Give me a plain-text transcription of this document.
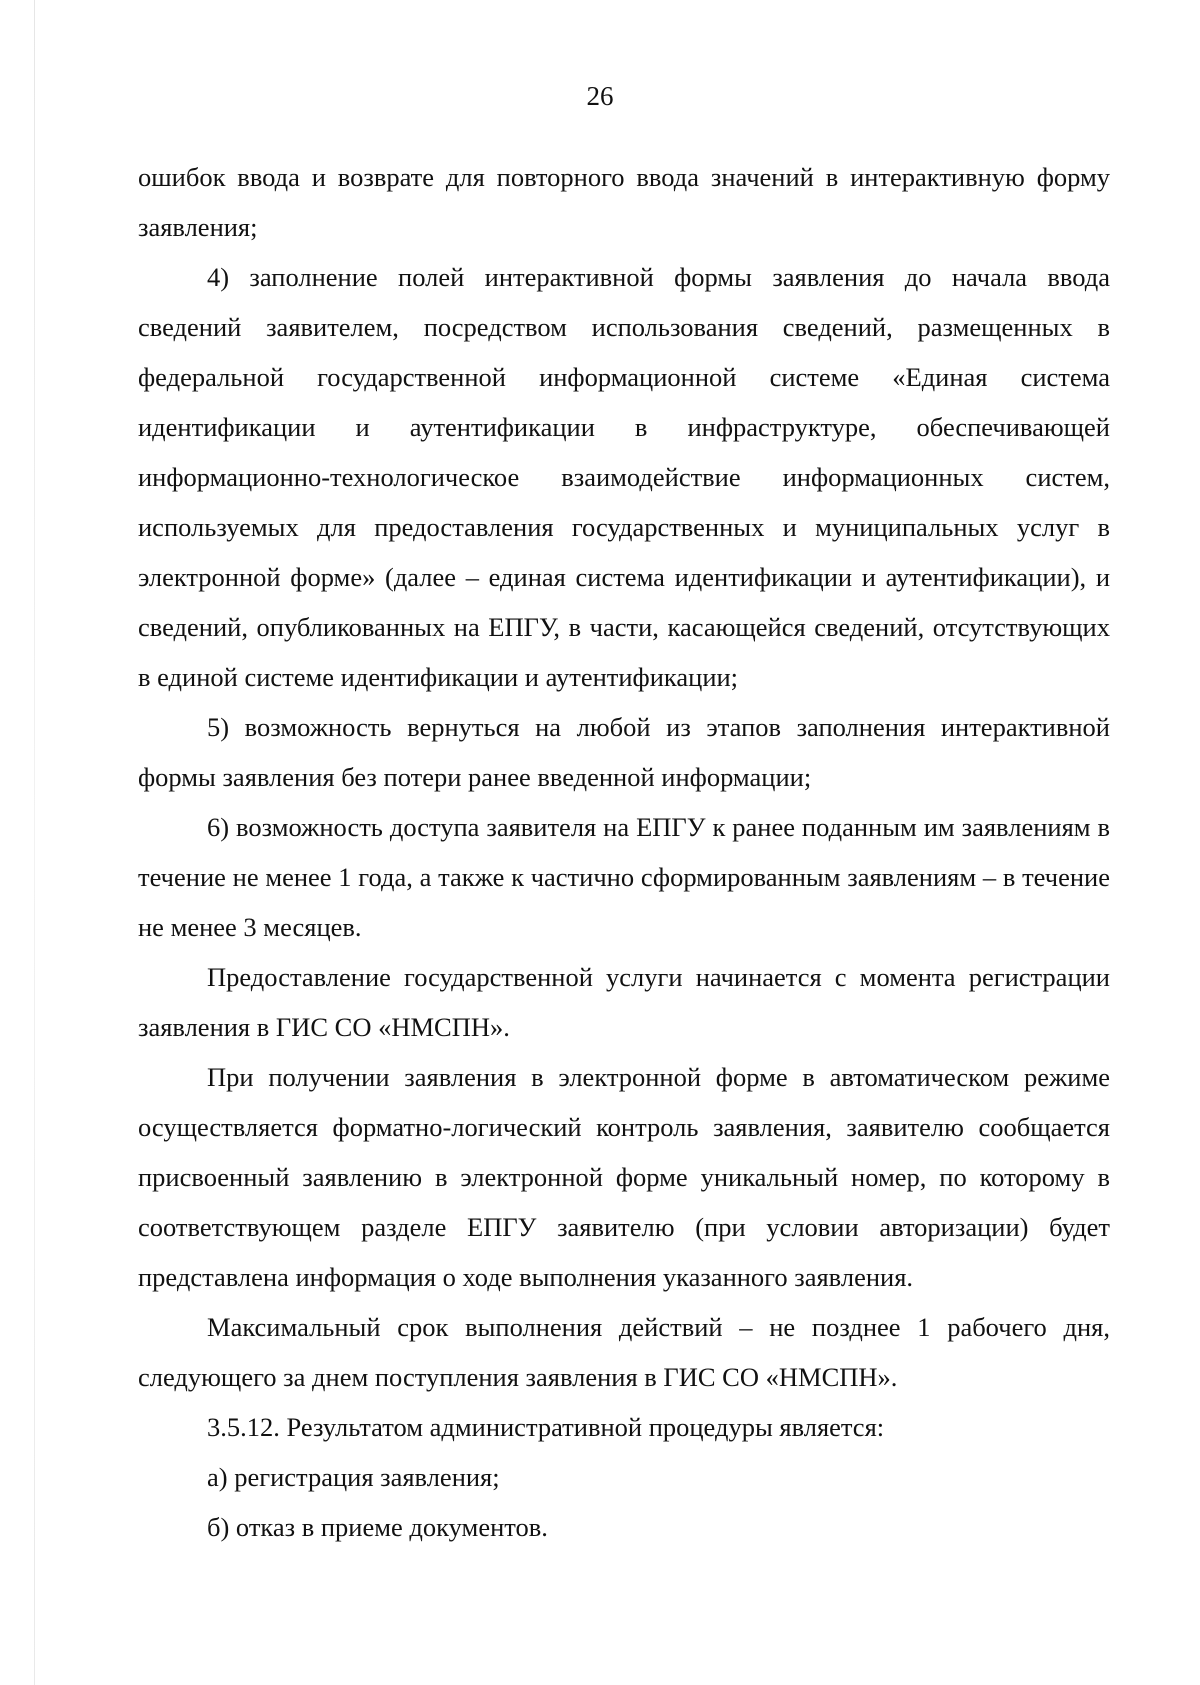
26

ошибок ввода и возврате для повторного ввода значений в интерактивную форму заявления;

4) заполнение полей интерактивной формы заявления до начала ввода сведений заявителем, посредством использования сведений, размещенных в федеральной государственной информационной системе «Единая система идентификации и аутентификации в инфраструктуре, обеспечивающей информационно-технологическое взаимодействие информационных систем, используемых для предоставления государственных и муниципальных услуг в электронной форме» (далее – единая система идентификации и аутентификации), и сведений, опубликованных на ЕПГУ, в части, касающейся сведений, отсутствующих в единой системе идентификации и аутентификации;

5) возможность вернуться на любой из этапов заполнения интерактивной формы заявления без потери ранее введенной информации;

6) возможность доступа заявителя на ЕПГУ к ранее поданным им заявлениям в течение не менее 1 года, а также к частично сформированным заявлениям – в течение не менее 3 месяцев.

Предоставление государственной услуги начинается с момента регистрации заявления в ГИС СО «НМСПН».

При получении заявления в электронной форме в автоматическом режиме осуществляется форматно-логический контроль заявления, заявителю сообщается присвоенный заявлению в электронной форме уникальный номер, по которому в соответствующем разделе ЕПГУ заявителю (при условии авторизации) будет представлена информация о ходе выполнения указанного заявления.

Максимальный срок выполнения действий – не позднее 1 рабочего дня, следующего за днем поступления заявления в ГИС СО «НМСПН».

3.5.12. Результатом административной процедуры является:

а) регистрация заявления;

б) отказ в приеме документов.
